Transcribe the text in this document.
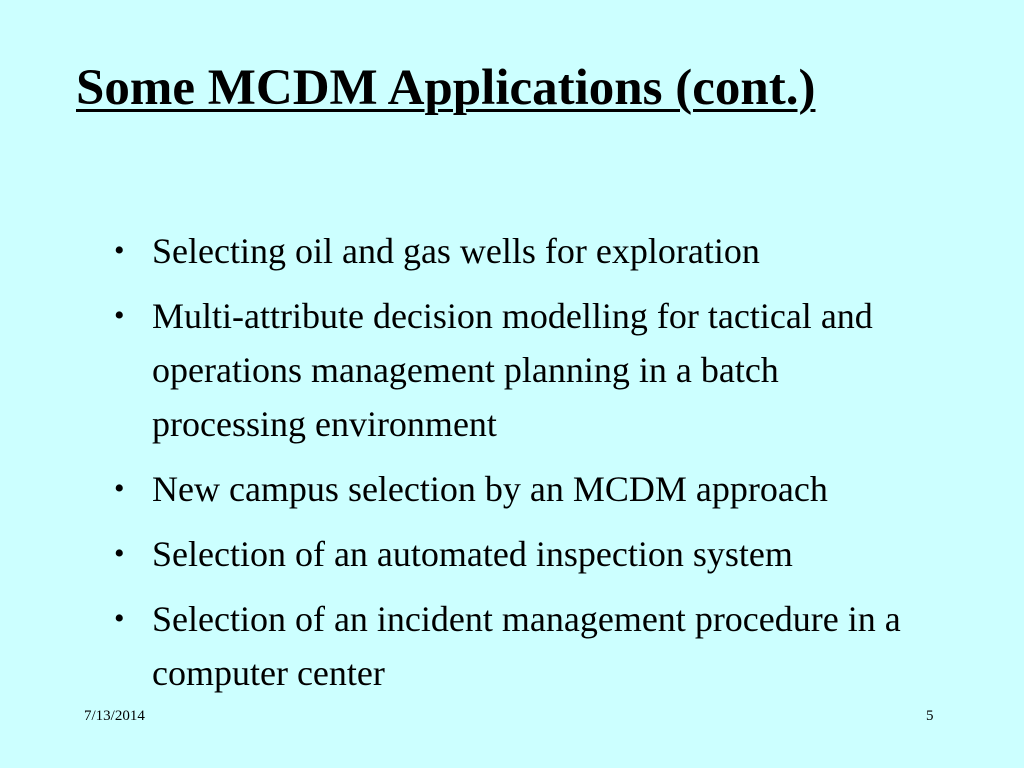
Some MCDM Applications (cont.)
• Selecting oil and gas wells for exploration
• Multi-attribute decision modelling for tactical and operations management planning in a batch processing environment
• New campus selection by an MCDM approach
• Selection of an automated inspection system
• Selection of an incident management procedure in a computer center
7/13/2014	5
